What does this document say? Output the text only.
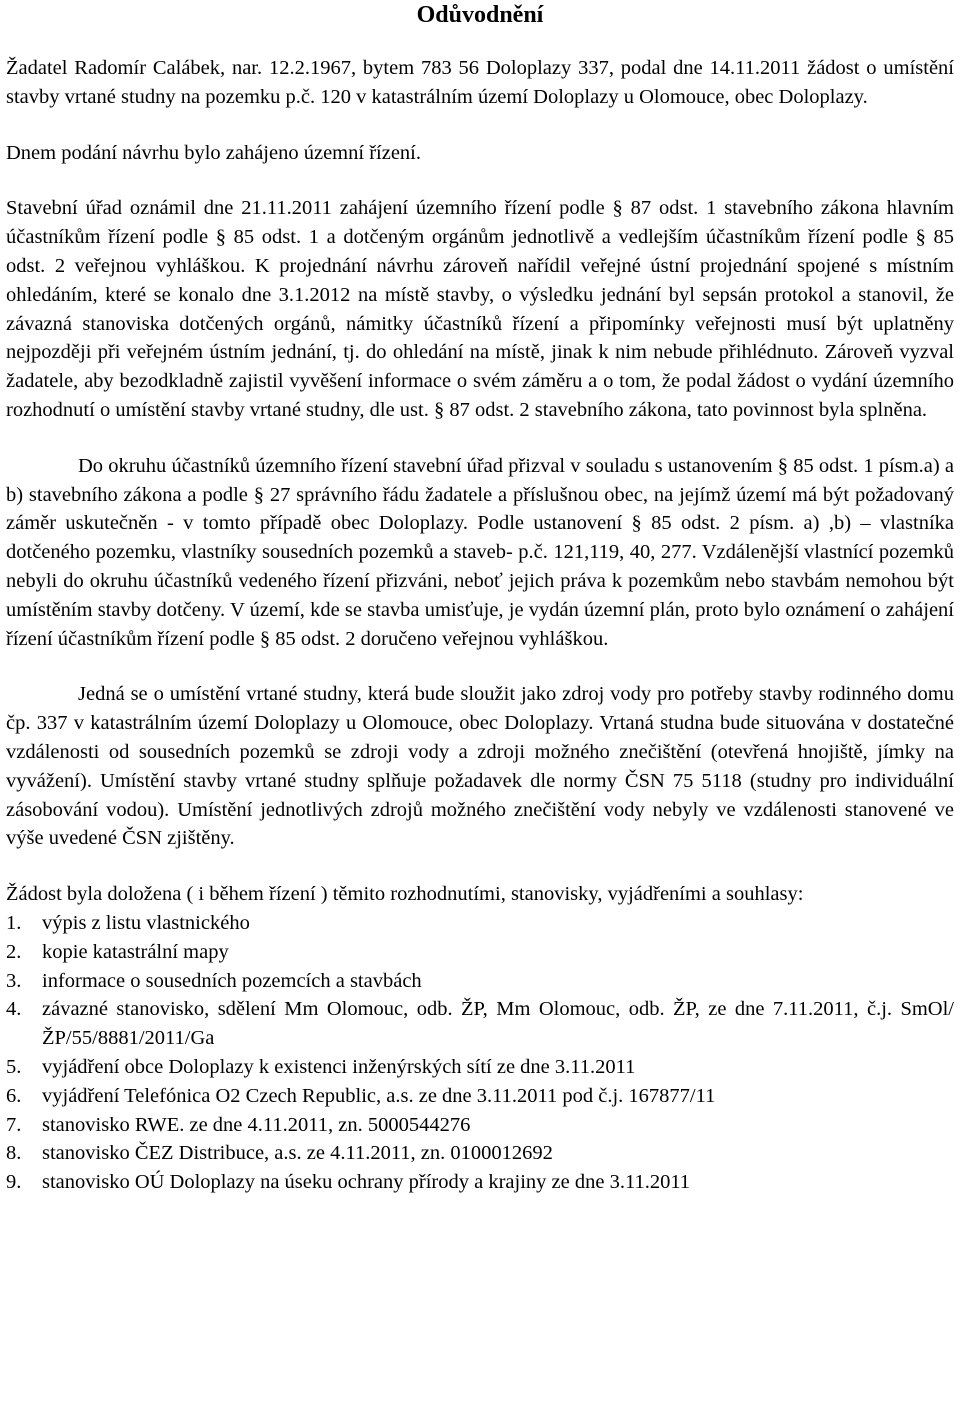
Odůvodnění

Žadatel Radomír Calábek, nar. 12.2.1967, bytem 783 56 Doloplazy 337, podal dne 14.11.2011 žádost o umístění stavby vrtané studny na pozemku p.č. 120 v katastrálním území Doloplazy u Olomouce, obec Doloplazy.

Dnem podání návrhu bylo zahájeno územní řízení.

Stavební úřad oznámil dne 21.11.2011 zahájení územního řízení podle § 87 odst. 1 stavebního zákona hlavním účastníkům řízení podle § 85 odst. 1 a dotčeným orgánům jednotlivě a vedlejším účastníkům řízení podle § 85 odst. 2 veřejnou vyhláškou. K projednání návrhu zároveň nařídil veřejné ústní projednání spojené s místním ohledáním, které se konalo dne 3.1.2012 na místě stavby, o výsledku jednání byl sepsán protokol a stanovil, že závazná stanoviska dotčených orgánů, námitky účastníků řízení a připomínky veřejnosti musí být uplatněny nejpozději při veřejném ústním jednání, tj. do ohledání na místě, jinak k nim nebude přihlédnuto. Zároveň vyzval žadatele, aby bezodkladně zajistil vyvěšení informace o svém záměru a o tom, že podal žádost o vydání územního rozhodnutí o umístění stavby vrtané studny, dle ust. § 87 odst. 2 stavebního zákona, tato povinnost byla splněna.

Do okruhu účastníků územního řízení stavební úřad přizval v souladu s ustanovením § 85 odst. 1 písm.a) a b) stavebního zákona a podle § 27 správního řádu žadatele a příslušnou obec, na jejímž území má být požadovaný záměr uskutečněn - v tomto případě obec Doloplazy. Podle ustanovení § 85 odst. 2 písm. a) ,b) – vlastníka dotčeného pozemku, vlastníky sousedních pozemků a staveb- p.č. 121,119, 40, 277. Vzdálenější vlastnící pozemků nebyli do okruhu účastníků vedeného řízení přizváni, neboť jejich práva k pozemkům nebo stavbám nemohou být umístěním stavby dotčeny. V území, kde se stavba umisťuje, je vydán územní plán, proto bylo oznámení o zahájení řízení účastníkům řízení podle § 85 odst. 2 doručeno veřejnou vyhláškou.

Jedná se o umístění vrtané studny, která bude sloužit jako zdroj vody pro potřeby stavby rodinného domu čp. 337 v katastrálním území Doloplazy u Olomouce, obec Doloplazy. Vrtaná studna bude situována v dostatečné vzdálenosti od sousedních pozemků se zdroji vody a zdroji možného znečištění (otevřená hnojiště, jímky na vyvážení). Umístění stavby vrtané studny splňuje požadavek dle normy ČSN 75 5118 (studny pro individuální zásobování vodou). Umístění jednotlivých zdrojů možného znečištění vody nebyly ve vzdálenosti stanovené ve výše uvedené ČSN zjištěny.

Žádost byla doložena ( i během řízení ) těmito rozhodnutími, stanovisky, vyjádřeními a souhlasy:

1. výpis z listu vlastnického
2. kopie katastrální mapy
3. informace o sousedních pozemcích a stavbách
4. závazné stanovisko, sdělení Mm Olomouc, odb. ŽP, Mm Olomouc, odb. ŽP, ze dne 7.11.2011, č.j. SmOl/ŽP/55/8881/2011/Ga
5. vyjádření obce Doloplazy k existenci inženýrských sítí ze dne 3.11.2011
6. vyjádření Telefónica O2 Czech Republic, a.s. ze dne 3.11.2011 pod č.j. 167877/11
7. stanovisko RWE. ze dne 4.11.2011, zn. 5000544276
8. stanovisko ČEZ Distribuce, a.s. ze 4.11.2011, zn. 0100012692
9. stanovisko OÚ Doloplazy na úseku ochrany přírody a krajiny ze dne 3.11.2011
